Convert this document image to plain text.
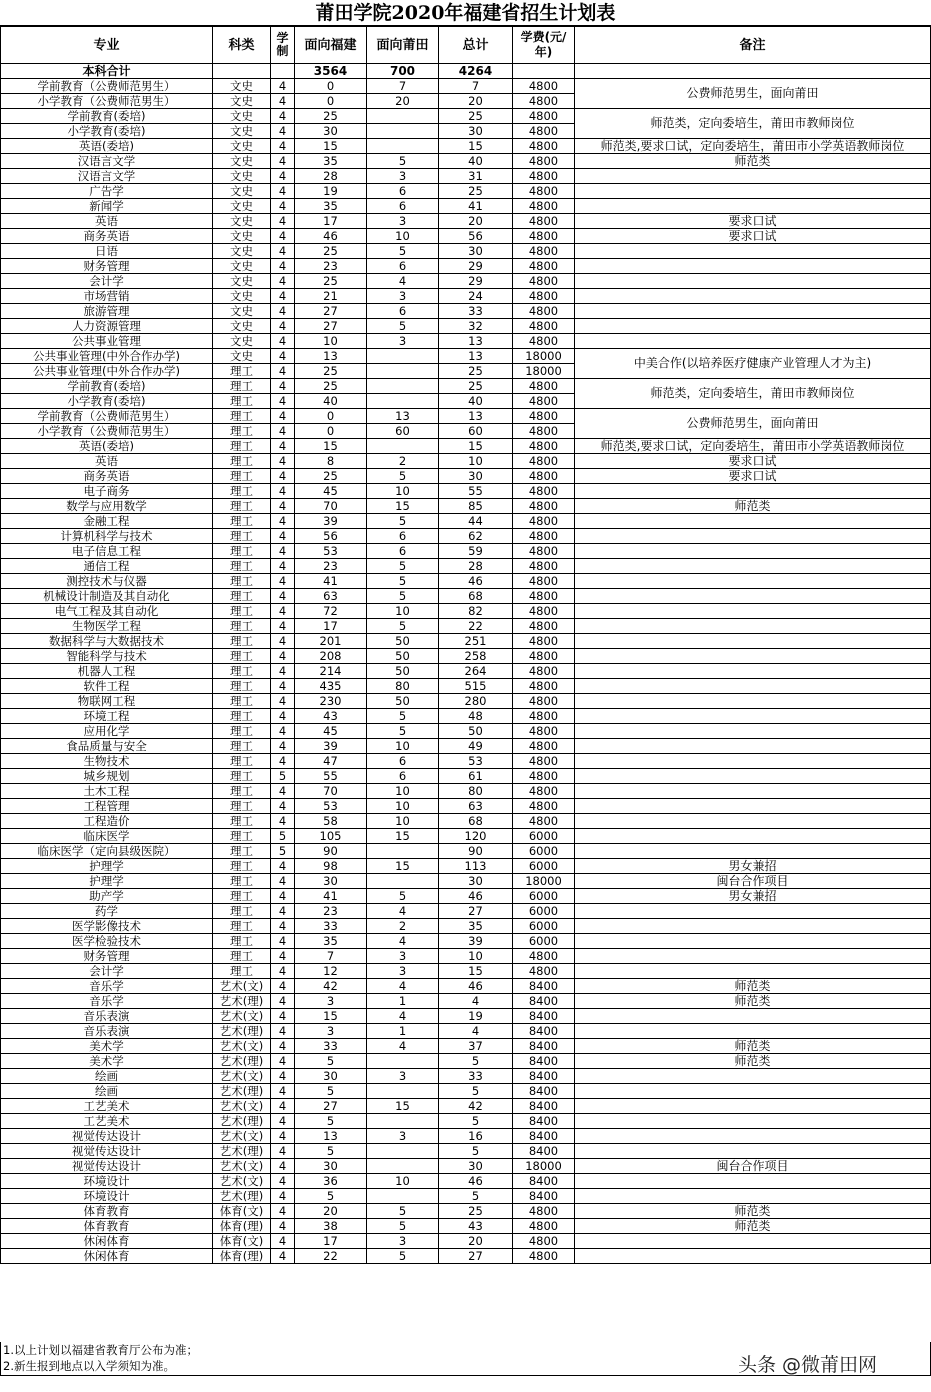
莆田学院2020年福建省招生计划表
专业	科类	学制	面向福建	面向莆田	总计	学费(元/年)	备注
本科合计			3564	700	4264		
学前教育（公费师范男生）	文史	4	0	7	7	4800	公费师范男生，面向莆田
小学教育（公费师范男生）	文史	4	0	20	20	4800	
学前教育(委培)	文史	4	25		25	4800	师范类，定向委培生，莆田市教师岗位
小学教育(委培)	文史	4	30		30	4800	
英语(委培)	文史	4	15		15	4800	师范类,要求口试，定向委培生，莆田市小学英语教师岗位
汉语言文学	文史	4	35	5	40	4800	师范类
汉语言文学	文史	4	28	3	31	4800	
广告学	文史	4	19	6	25	4800	
新闻学	文史	4	35	6	41	4800	
英语	文史	4	17	3	20	4800	要求口试
商务英语	文史	4	46	10	56	4800	要求口试
日语	文史	4	25	5	30	4800	
财务管理	文史	4	23	6	29	4800	
会计学	文史	4	25	4	29	4800	
市场营销	文史	4	21	3	24	4800	
旅游管理	文史	4	27	6	33	4800	
人力资源管理	文史	4	27	5	32	4800	
公共事业管理	文史	4	10	3	13	4800	
公共事业管理(中外合作办学)	文史	4	13		13	18000	中美合作(以培养医疗健康产业管理人才为主)
公共事业管理(中外合作办学)	理工	4	25		25	18000	
学前教育(委培)	理工	4	25		25	4800	师范类，定向委培生，莆田市教师岗位
小学教育(委培)	理工	4	40		40	4800	
学前教育（公费师范男生）	理工	4	0	13	13	4800	公费师范男生，面向莆田
小学教育（公费师范男生）	理工	4	0	60	60	4800	
英语(委培)	理工	4	15		15	4800	师范类,要求口试，定向委培生，莆田市小学英语教师岗位
英语	理工	4	8	2	10	4800	要求口试
商务英语	理工	4	25	5	30	4800	要求口试
电子商务	理工	4	45	10	55	4800	
数学与应用数学	理工	4	70	15	85	4800	师范类
金融工程	理工	4	39	5	44	4800	
计算机科学与技术	理工	4	56	6	62	4800	
电子信息工程	理工	4	53	6	59	4800	
通信工程	理工	4	23	5	28	4800	
测控技术与仪器	理工	4	41	5	46	4800	
机械设计制造及其自动化	理工	4	63	5	68	4800	
电气工程及其自动化	理工	4	72	10	82	4800	
生物医学工程	理工	4	17	5	22	4800	
数据科学与大数据技术	理工	4	201	50	251	4800	
智能科学与技术	理工	4	208	50	258	4800	
机器人工程	理工	4	214	50	264	4800	
软件工程	理工	4	435	80	515	4800	
物联网工程	理工	4	230	50	280	4800	
环境工程	理工	4	43	5	48	4800	
应用化学	理工	4	45	5	50	4800	
食品质量与安全	理工	4	39	10	49	4800	
生物技术	理工	4	47	6	53	4800	
城乡规划	理工	5	55	6	61	4800	
土木工程	理工	4	70	10	80	4800	
工程管理	理工	4	53	10	63	4800	
工程造价	理工	4	58	10	68	4800	
临床医学	理工	5	105	15	120	6000	
临床医学（定向县级医院）	理工	5	90		90	6000	
护理学	理工	4	98	15	113	6000	男女兼招
护理学	理工	4	30		30	18000	闽台合作项目
助产学	理工	4	41	5	46	6000	男女兼招
药学	理工	4	23	4	27	6000	
医学影像技术	理工	4	33	2	35	6000	
医学检验技术	理工	4	35	4	39	6000	
财务管理	理工	4	7	3	10	4800	
会计学	理工	4	12	3	15	4800	
音乐学	艺术(文)	4	42	4	46	8400	师范类
音乐学	艺术(理)	4	3	1	4	8400	师范类
音乐表演	艺术(文)	4	15	4	19	8400	
音乐表演	艺术(理)	4	3	1	4	8400	
美术学	艺术(文)	4	33	4	37	8400	师范类
美术学	艺术(理)	4	5		5	8400	师范类
绘画	艺术(文)	4	30	3	33	8400	
绘画	艺术(理)	4	5		5	8400	
工艺美术	艺术(文)	4	27	15	42	8400	
工艺美术	艺术(理)	4	5		5	8400	
视觉传达设计	艺术(文)	4	13	3	16	8400	
视觉传达设计	艺术(理)	4	5		5	8400	
视觉传达设计	艺术(文)	4	30		30	18000	闽台合作项目
环境设计	艺术(文)	4	36	10	46	8400	
环境设计	艺术(理)	4	5		5	8400	
体育教育	体育(文)	4	20	5	25	4800	师范类
体育教育	体育(理)	4	38	5	43	4800	师范类
休闲体育	体育(文)	4	17	3	20	4800	
休闲体育	体育(理)	4	22	5	27	4800	
1.以上计划以福建省教育厅公布为准；
2.新生报到地点以入学须知为准。	头条 @微莆田网
